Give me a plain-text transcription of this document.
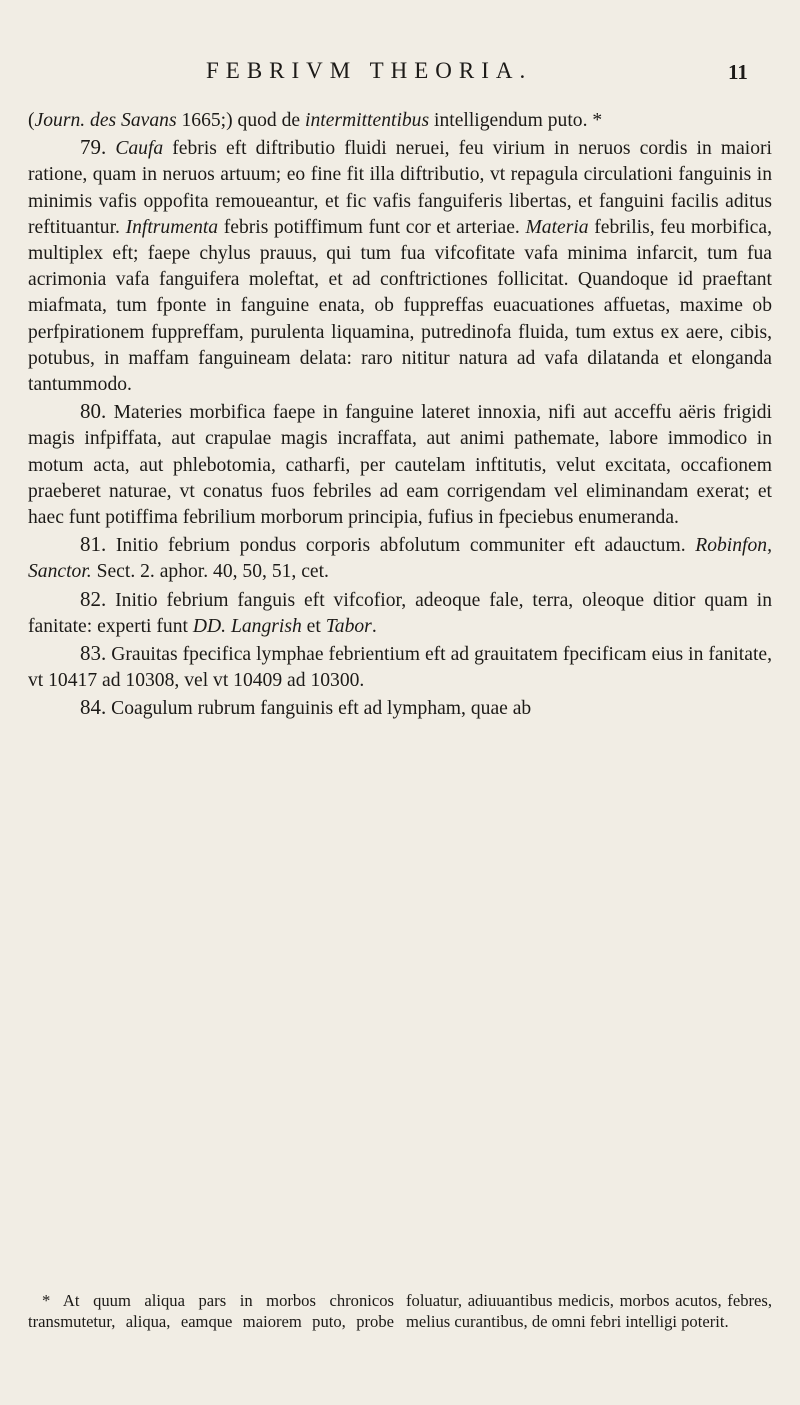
FEBRIVM THEORIA.	11

(Journ. des Savans 1665;) quod de intermittentibus intelligendum puto. *

79. Caufa febris eft diftributio fluidi neruei, feu virium in neruos cordis in maiori ratione, quam in neruos artuum; eo fine fit illa diftributio, vt repagula circulationi fanguinis in minimis vafis oppofita remoueantur, et fic vafis fanguiferis libertas, et fanguini facilis aditus reftituantur. Inftrumenta febris potiffimum funt cor et arteriae. Materia febrilis, feu morbifica, multiplex eft; faepe chylus prauus, qui tum fua vifcofitate vafa minima infarcit, tum fua acrimonia vafa fanguifera moleftat, et ad conftrictiones follicitat. Quandoque id praeftant miafmata, tum fponte in fanguine enata, ob fuppreffas euacuationes affuetas, maxime ob perfpirationem fuppreffam, purulenta liquamina, putredinofa fluida, tum extus ex aere, cibis, potubus, in maffam fanguineam delata: raro nititur natura ad vafa dilatanda et elonganda tantummodo.

80. Materies morbifica faepe in fanguine lateret innoxia, nifi aut acceffu aëris frigidi magis infpiffata, aut crapulae magis incraffata, aut animi pathemate, labore immodico in motum acta, aut phlebotomia, catharfi, per cautelam inftitutis, velut excitata, occafionem praeberet naturae, vt conatus fuos febriles ad eam corrigendam vel eliminandam exerat; et haec funt potiffima febrilium morborum principia, fufius in fpeciebus enumeranda.

81. Initio febrium pondus corporis abfolutum communiter eft adauctum. Robinfon, Sanctor. Sect. 2. aphor. 40, 50, 51, cet.

82. Initio febrium fanguis eft vifcofior, adeoque fale, terra, oleoque ditior quam in fanitate: experti funt DD. Langrish et Tabor.

83. Grauitas fpecifica lymphae febrientium eft ad grauitatem fpecificam eius in fanitate, vt 10417 ad 10308, vel vt 10409 ad 10300.

84. Coagulum rubrum fanguinis eft ad lympham, quae ab

* At quum aliqua pars in morbos chronicos transmutetur, aliqua, eamque maiorem puto, probe foluatur, adiuuantibus medicis, morbos acutos, febres, melius curantibus, de omni febri intelligi poterit.
